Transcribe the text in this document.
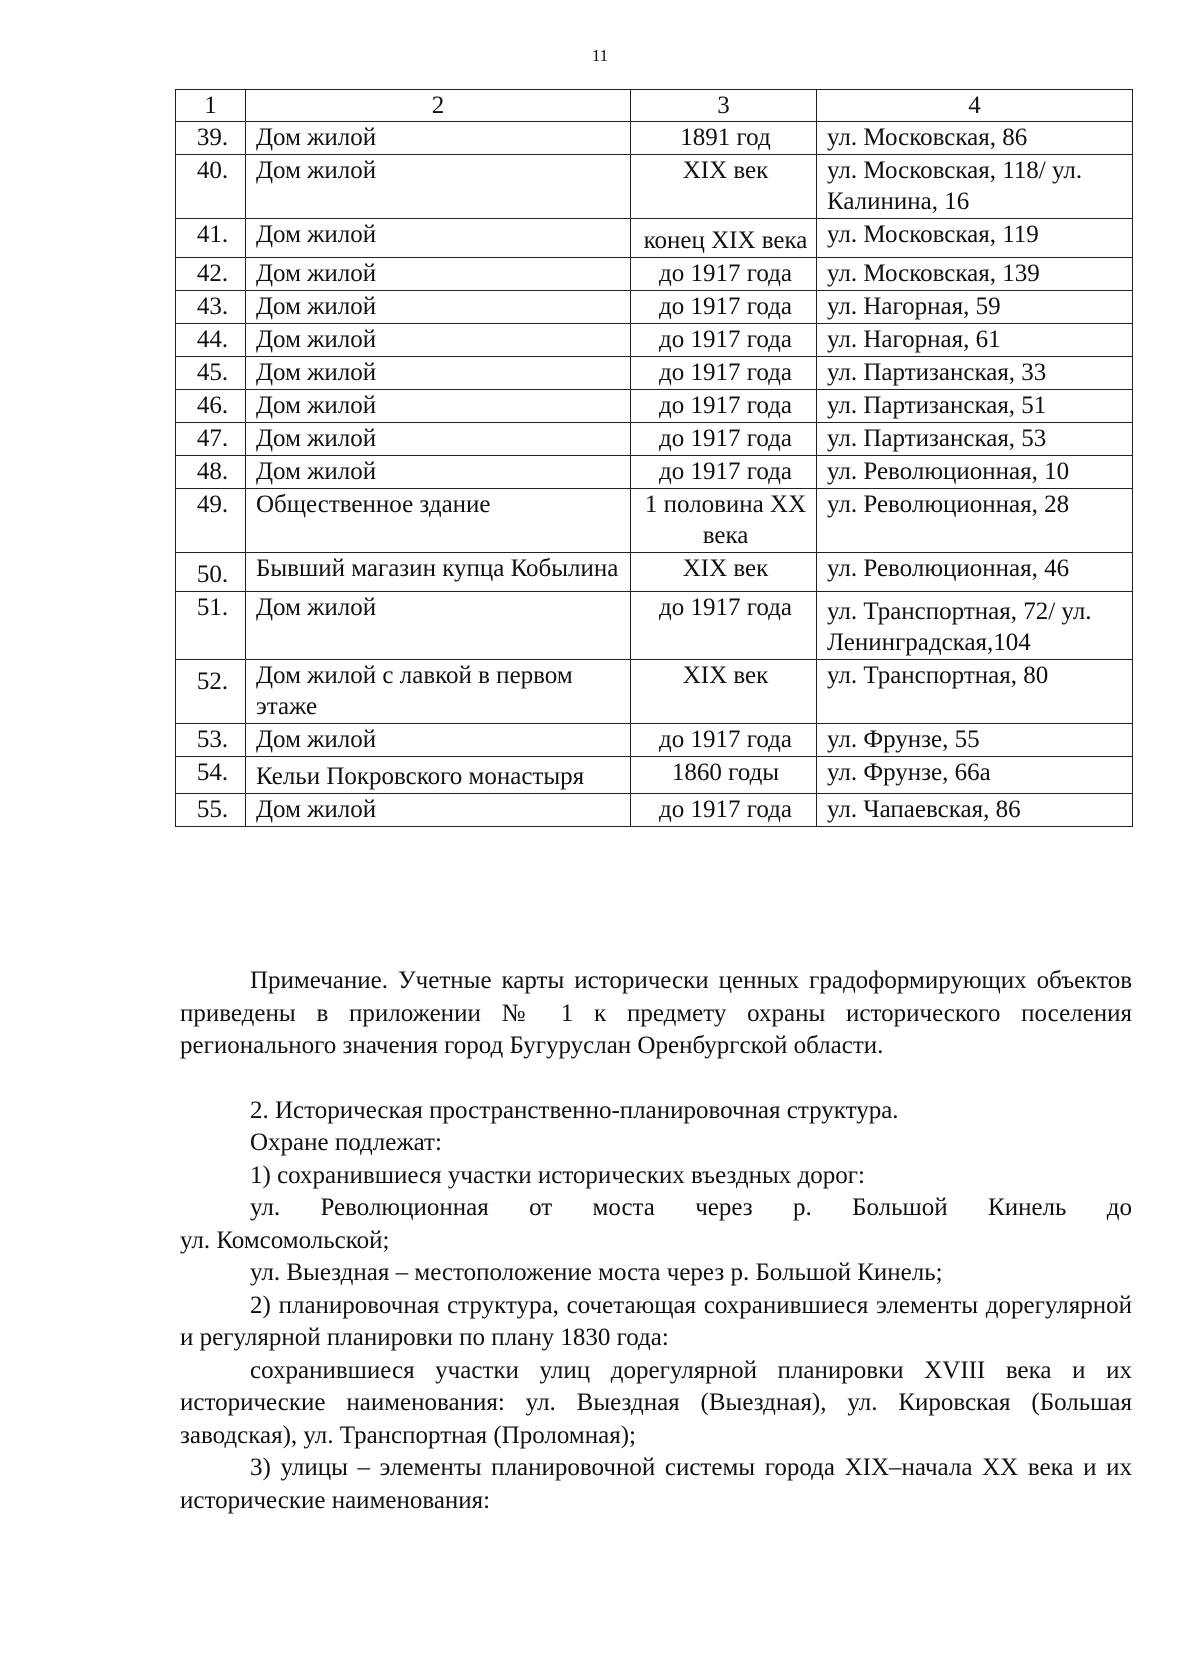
11
1	2	3	4
39.	Дом жилой	1891 год	ул. Московская, 86
40.	Дом жилой	XIX век	ул. Московская, 118/ ул. Калинина, 16
41.	Дом жилой	конец XIX века	ул. Московская, 119
42.	Дом жилой	до 1917 года	ул. Московская, 139
43.	Дом жилой	до 1917 года	ул. Нагорная, 59
44.	Дом жилой	до 1917 года	ул. Нагорная, 61
45.	Дом жилой	до 1917 года	ул. Партизанская, 33
46.	Дом жилой	до 1917 года	ул. Партизанская, 51
47.	Дом жилой	до 1917 года	ул. Партизанская, 53
48.	Дом жилой	до 1917 года	ул. Революционная, 10
49.	Общественное здание	1 половина XX века	ул. Революционная, 28
50.	Бывший магазин купца Кобылина	XIX век	ул. Революционная, 46
51.	Дом жилой	до 1917 года	ул. Транспортная, 72/ ул. Ленинградская,104
52.	Дом жилой с лавкой в первом этаже	XIX век	ул. Транспортная, 80
53.	Дом жилой	до 1917 года	ул. Фрунзе, 55
54.	Кельи Покровского монастыря	1860 годы	ул. Фрунзе, 66а
55.	Дом жилой	до 1917 года	ул. Чапаевская, 86

Примечание. Учетные карты исторически ценных градоформирующих объектов приведены в приложении № 1 к предмету охраны исторического поселения регионального значения город Бугуруслан Оренбургской области.

2. Историческая пространственно-планировочная структура.

Охране подлежат:

1) сохранившиеся участки исторических въездных дорог:

ул. Революционная от моста через р. Большой Кинель до

ул. Комсомольской;

ул. Выездная – местоположение моста через р. Большой Кинель;

2) планировочная структура, сочетающая сохранившиеся элементы дорегулярной и регулярной планировки по плану 1830 года:

сохранившиеся участки улиц дорегулярной планировки XVIII века и их исторические наименования: ул. Выездная (Выездная), ул. Кировская (Большая заводская), ул. Транспортная (Проломная);

3) улицы – элементы планировочной системы города XIX–начала XX века и их исторические наименования:
